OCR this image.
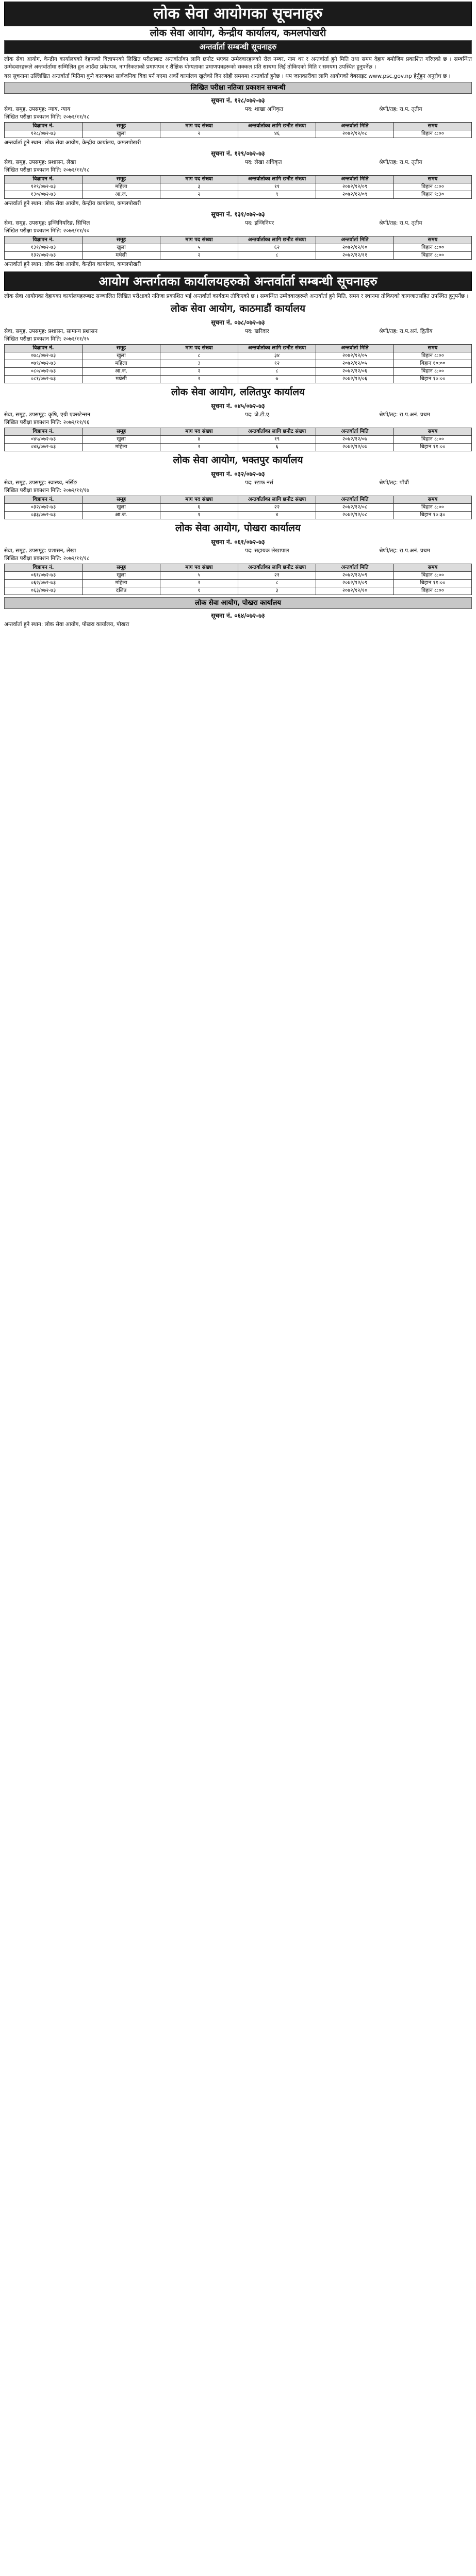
लोक सेवा आयोगका सूचनाहरु
लोक सेवा आयोग, केन्द्रीय कार्यालय, कमलपोखरी
अन्तर्वार्ता सम्बन्धी सूचनाहरु
लोक सेवा आयोग, केन्द्रीय कार्यालयको देहायको विज्ञापनको लिखित परीक्षाबाट अन्तर्वार्ताका लागि छनौट भएका उम्मेदवारहरूको रोल नम्बर, नाम थर र अन्तर्वार्ता हुने मिति तथा समय देहाय बमोजिम प्रकाशित गरिएको छ । सम्बन्धित उम्मेदवारहरूले अन्तर्वार्तामा सम्मिलित हुन आउँदा प्रवेशपत्र, नागरिकताको प्रमाणपत्र र शैक्षिक योग्यताका प्रमाणपत्रहरूको सक्कल प्रति साथमा लिई तोकिएको मिति र समयमा उपस्थित हुनुपर्नेछ ।
यस सूचनामा उल्लिखित अन्तर्वार्ता मितिमा कुनै कारणवश सार्वजनिक बिदा पर्न गएमा अर्को कार्यालय खुलेको दिन सोही समयमा अन्तर्वार्ता हुनेछ । थप जानकारीका लागि आयोगको वेबसाइट www.psc.gov.np हेर्नुहुन अनुरोध छ ।
लिखित परीक्षा नतिजा प्रकाशन सम्बन्धी
सूचना नं. १२८/०७२-७३
सेवा, समूह, उपसमूह: न्याय, न्याय	पद: शाखा अधिकृत	श्रेणी/तह: रा.प. तृतीय
लिखित परीक्षा प्रकाशन मिति: २०७२/११/१८
विज्ञापन नं.	समूह	माग पद संख्या	अन्तर्वार्ताका लागि छनौट संख्या	अन्तर्वार्ता मिति	समय
१२८/०७२-७३	खुला	२	४६	२०७२/१२/०८	बिहान ८:००
अन्तर्वार्ता हुने स्थान: लोक सेवा आयोग, केन्द्रीय कार्यालय, कमलपोखरी
सूचना नं. १२९/०७२-७३
सेवा, समूह, उपसमूह: प्रशासन, लेखा	पद: लेखा अधिकृत	श्रेणी/तह: रा.प. तृतीय
लिखित परीक्षा प्रकाशन मिति: २०७२/११/१८
विज्ञापन नं.	समूह	माग पद संख्या	अन्तर्वार्ताका लागि छनौट संख्या	अन्तर्वार्ता मिति	समय
१२९/०७२-७३	महिला	३	११	२०७२/१२/०९	बिहान ८:००
१३०/०७२-७३	आ.ज.	२	९	२०७२/१२/०९	बिहान ९:३०
अन्तर्वार्ता हुने स्थान: लोक सेवा आयोग, केन्द्रीय कार्यालय, कमलपोखरी
सूचना नं. १३१/०७२-७३
सेवा, समूह, उपसमूह: इन्जिनियरिङ, सिभिल	पद: इन्जिनियर	श्रेणी/तह: रा.प. तृतीय
लिखित परीक्षा प्रकाशन मिति: २०७२/११/२०
विज्ञापन नं.	समूह	माग पद संख्या	अन्तर्वार्ताका लागि छनौट संख्या	अन्तर्वार्ता मिति	समय
१३१/०७२-७३	खुला	५	६२	२०७२/१२/१०	बिहान ८:००
१३२/०७२-७३	मधेसी	२	८	२०७२/१२/११	बिहान ८:००
अन्तर्वार्ता हुने स्थान: लोक सेवा आयोग, केन्द्रीय कार्यालय, कमलपोखरी
आयोग अन्तर्गतका कार्यालयहरुको अन्तर्वार्ता सम्बन्धी सूचनाहरु
लोक सेवा आयोगका देहायका कार्यालयहरूबाट सञ्चालित लिखित परीक्षाको नतिजा प्रकाशित भई अन्तर्वार्ता कार्यक्रम तोकिएको छ । सम्बन्धित उम्मेदवारहरूले अन्तर्वार्ता हुने मिति, समय र स्थानमा तोकिएको कागजातसहित उपस्थित हुनुपर्नेछ ।
लोक सेवा आयोग, काठमाडौं कार्यालय
सूचना नं. ०७८/०७२-७३
सेवा, समूह, उपसमूह: प्रशासन, सामान्य प्रशासन	पद: खरिदार	श्रेणी/तह: रा.प.अनं. द्वितीय
लिखित परीक्षा प्रकाशन मिति: २०७२/११/१५
विज्ञापन नं.	समूह	माग पद संख्या	अन्तर्वार्ताका लागि छनौट संख्या	अन्तर्वार्ता मिति	समय
०७८/०७२-७३	खुला	८	३४	२०७२/१२/०५	बिहान ८:००
०७९/०७२-७३	महिला	३	१२	२०७२/१२/०५	बिहान १०:००
०८०/०७२-७३	आ.ज.	२	८	२०७२/१२/०६	बिहान ८:००
०८१/०७२-७३	मधेसी	२	७	२०७२/१२/०६	बिहान १०:००
लोक सेवा आयोग, ललितपुर कार्यालय
सूचना नं. ०४५/०७२-७३
सेवा, समूह, उपसमूह: कृषि, एग्री एक्सटेन्सन	पद: जे.टी.ए.	श्रेणी/तह: रा.प.अनं. प्रथम
लिखित परीक्षा प्रकाशन मिति: २०७२/११/१६
विज्ञापन नं.	समूह	माग पद संख्या	अन्तर्वार्ताका लागि छनौट संख्या	अन्तर्वार्ता मिति	समय
०४५/०७२-७३	खुला	४	१९	२०७२/१२/०७	बिहान ८:००
०४६/०७२-७३	महिला	२	६	२०७२/१२/०७	बिहान ११:००
लोक सेवा आयोग, भक्तपुर कार्यालय
सूचना नं. ०३२/०७२-७३
सेवा, समूह, उपसमूह: स्वास्थ्य, नर्सिङ	पद: स्टाफ नर्स	श्रेणी/तह: पाँचौं
लिखित परीक्षा प्रकाशन मिति: २०७२/११/१७
विज्ञापन नं.	समूह	माग पद संख्या	अन्तर्वार्ताका लागि छनौट संख्या	अन्तर्वार्ता मिति	समय
०३२/०७२-७३	खुला	६	२२	२०७२/१२/०८	बिहान ८:००
०३३/०७२-७३	आ.ज.	१	४	२०७२/१२/०८	बिहान १०:३०
लोक सेवा आयोग, पोखरा कार्यालय
सूचना नं. ०६१/०७२-७३
सेवा, समूह, उपसमूह: प्रशासन, लेखा	पद: सहायक लेखापाल	श्रेणी/तह: रा.प.अनं. प्रथम
लिखित परीक्षा प्रकाशन मिति: २०७२/११/१८
विज्ञापन नं.	समूह	माग पद संख्या	अन्तर्वार्ताका लागि छनौट संख्या	अन्तर्वार्ता मिति	समय
०६१/०७२-७३	खुला	५	२१	२०७२/१२/०९	बिहान ८:००
०६२/०७२-७३	महिला	२	८	२०७२/१२/०९	बिहान ११:००
०६३/०७२-७३	दलित	१	३	२०७२/१२/१०	बिहान ८:००
लोक सेवा आयोग, पोखरा कार्यालय
सूचना नं. ०६४/०७२-७३
अन्तर्वार्ता हुने स्थान: लोक सेवा आयोग, पोखरा कार्यालय, पोखरा
